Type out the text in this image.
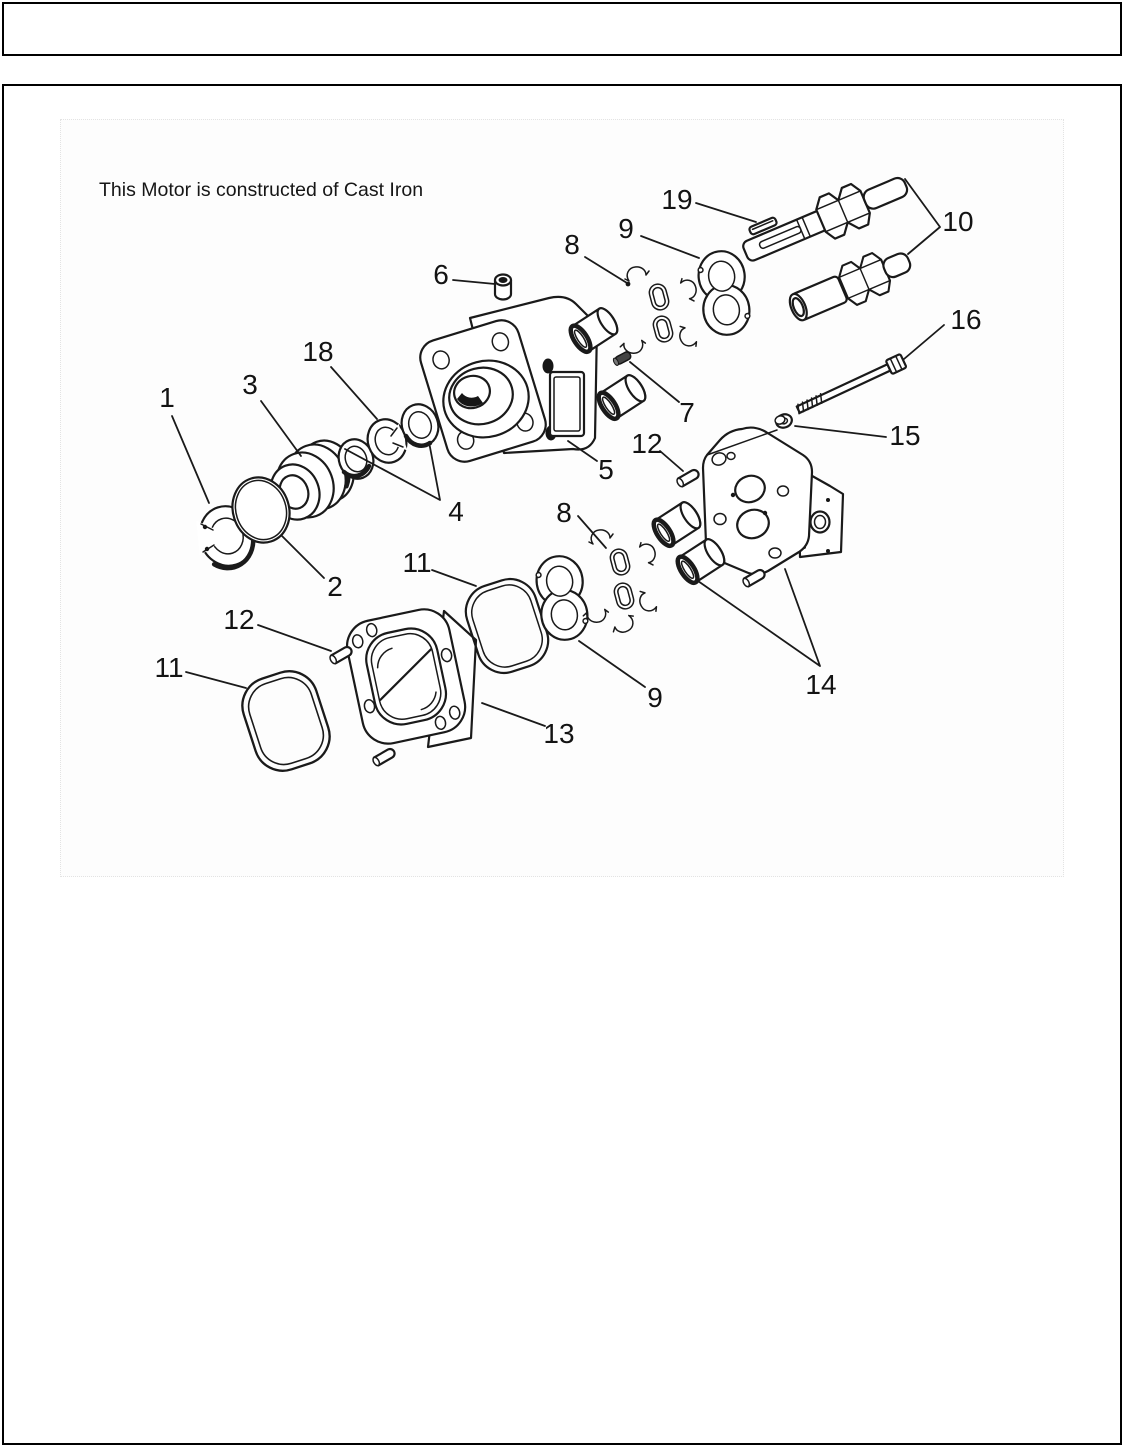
19
10
9
8
6
16
18
3
1
15
7
12
5
4	8
2
11
12
11
9
13
14
This Motor is constructed of Cast Iron
